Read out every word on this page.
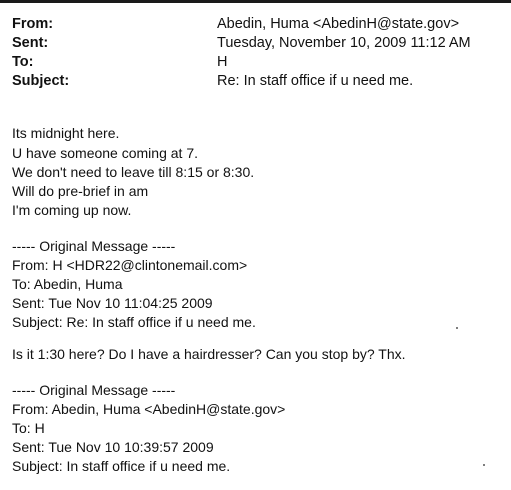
From:	Abedin, Huma <AbedinH@state.gov>
Sent:	Tuesday, November 10, 2009 11:12 AM
To:	H
Subject:	Re: In staff office if u need me.
Its midnight here.
U have someone coming at 7.
We don't need to leave till 8:15 or 8:30.
Will do pre-brief in am
I'm coming up now.
----- Original Message -----
From: H <HDR22@clintonemail.com>
To: Abedin, Huma
Sent: Tue Nov 10 11:04:25 2009
Subject: Re: In staff office if u need me.
Is it 1:30 here? Do I have a hairdresser? Can you stop by? Thx.
----- Original Message -----
From: Abedin, Huma <AbedinH@state.gov>
To: H
Sent: Tue Nov 10 10:39:57 2009
Subject: In staff office if u need me.
